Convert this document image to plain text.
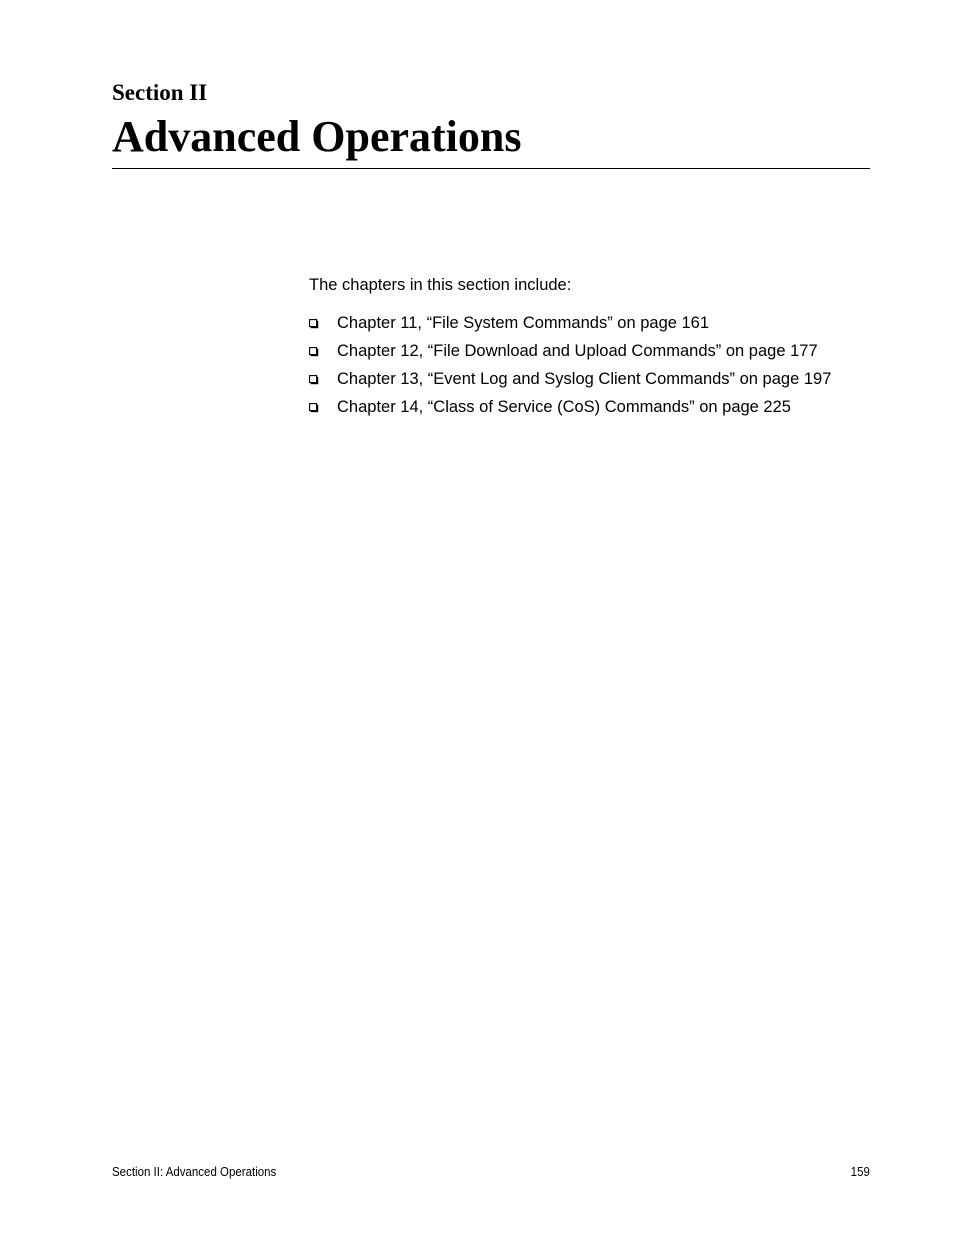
Section II
Advanced Operations

The chapters in this section include:

Chapter 11, “File System Commands” on page 161
Chapter 12, “File Download and Upload Commands” on page 177
Chapter 13, “Event Log and Syslog Client Commands” on page 197
Chapter 14, “Class of Service (CoS) Commands” on page 225
Section II: Advanced Operations	159
